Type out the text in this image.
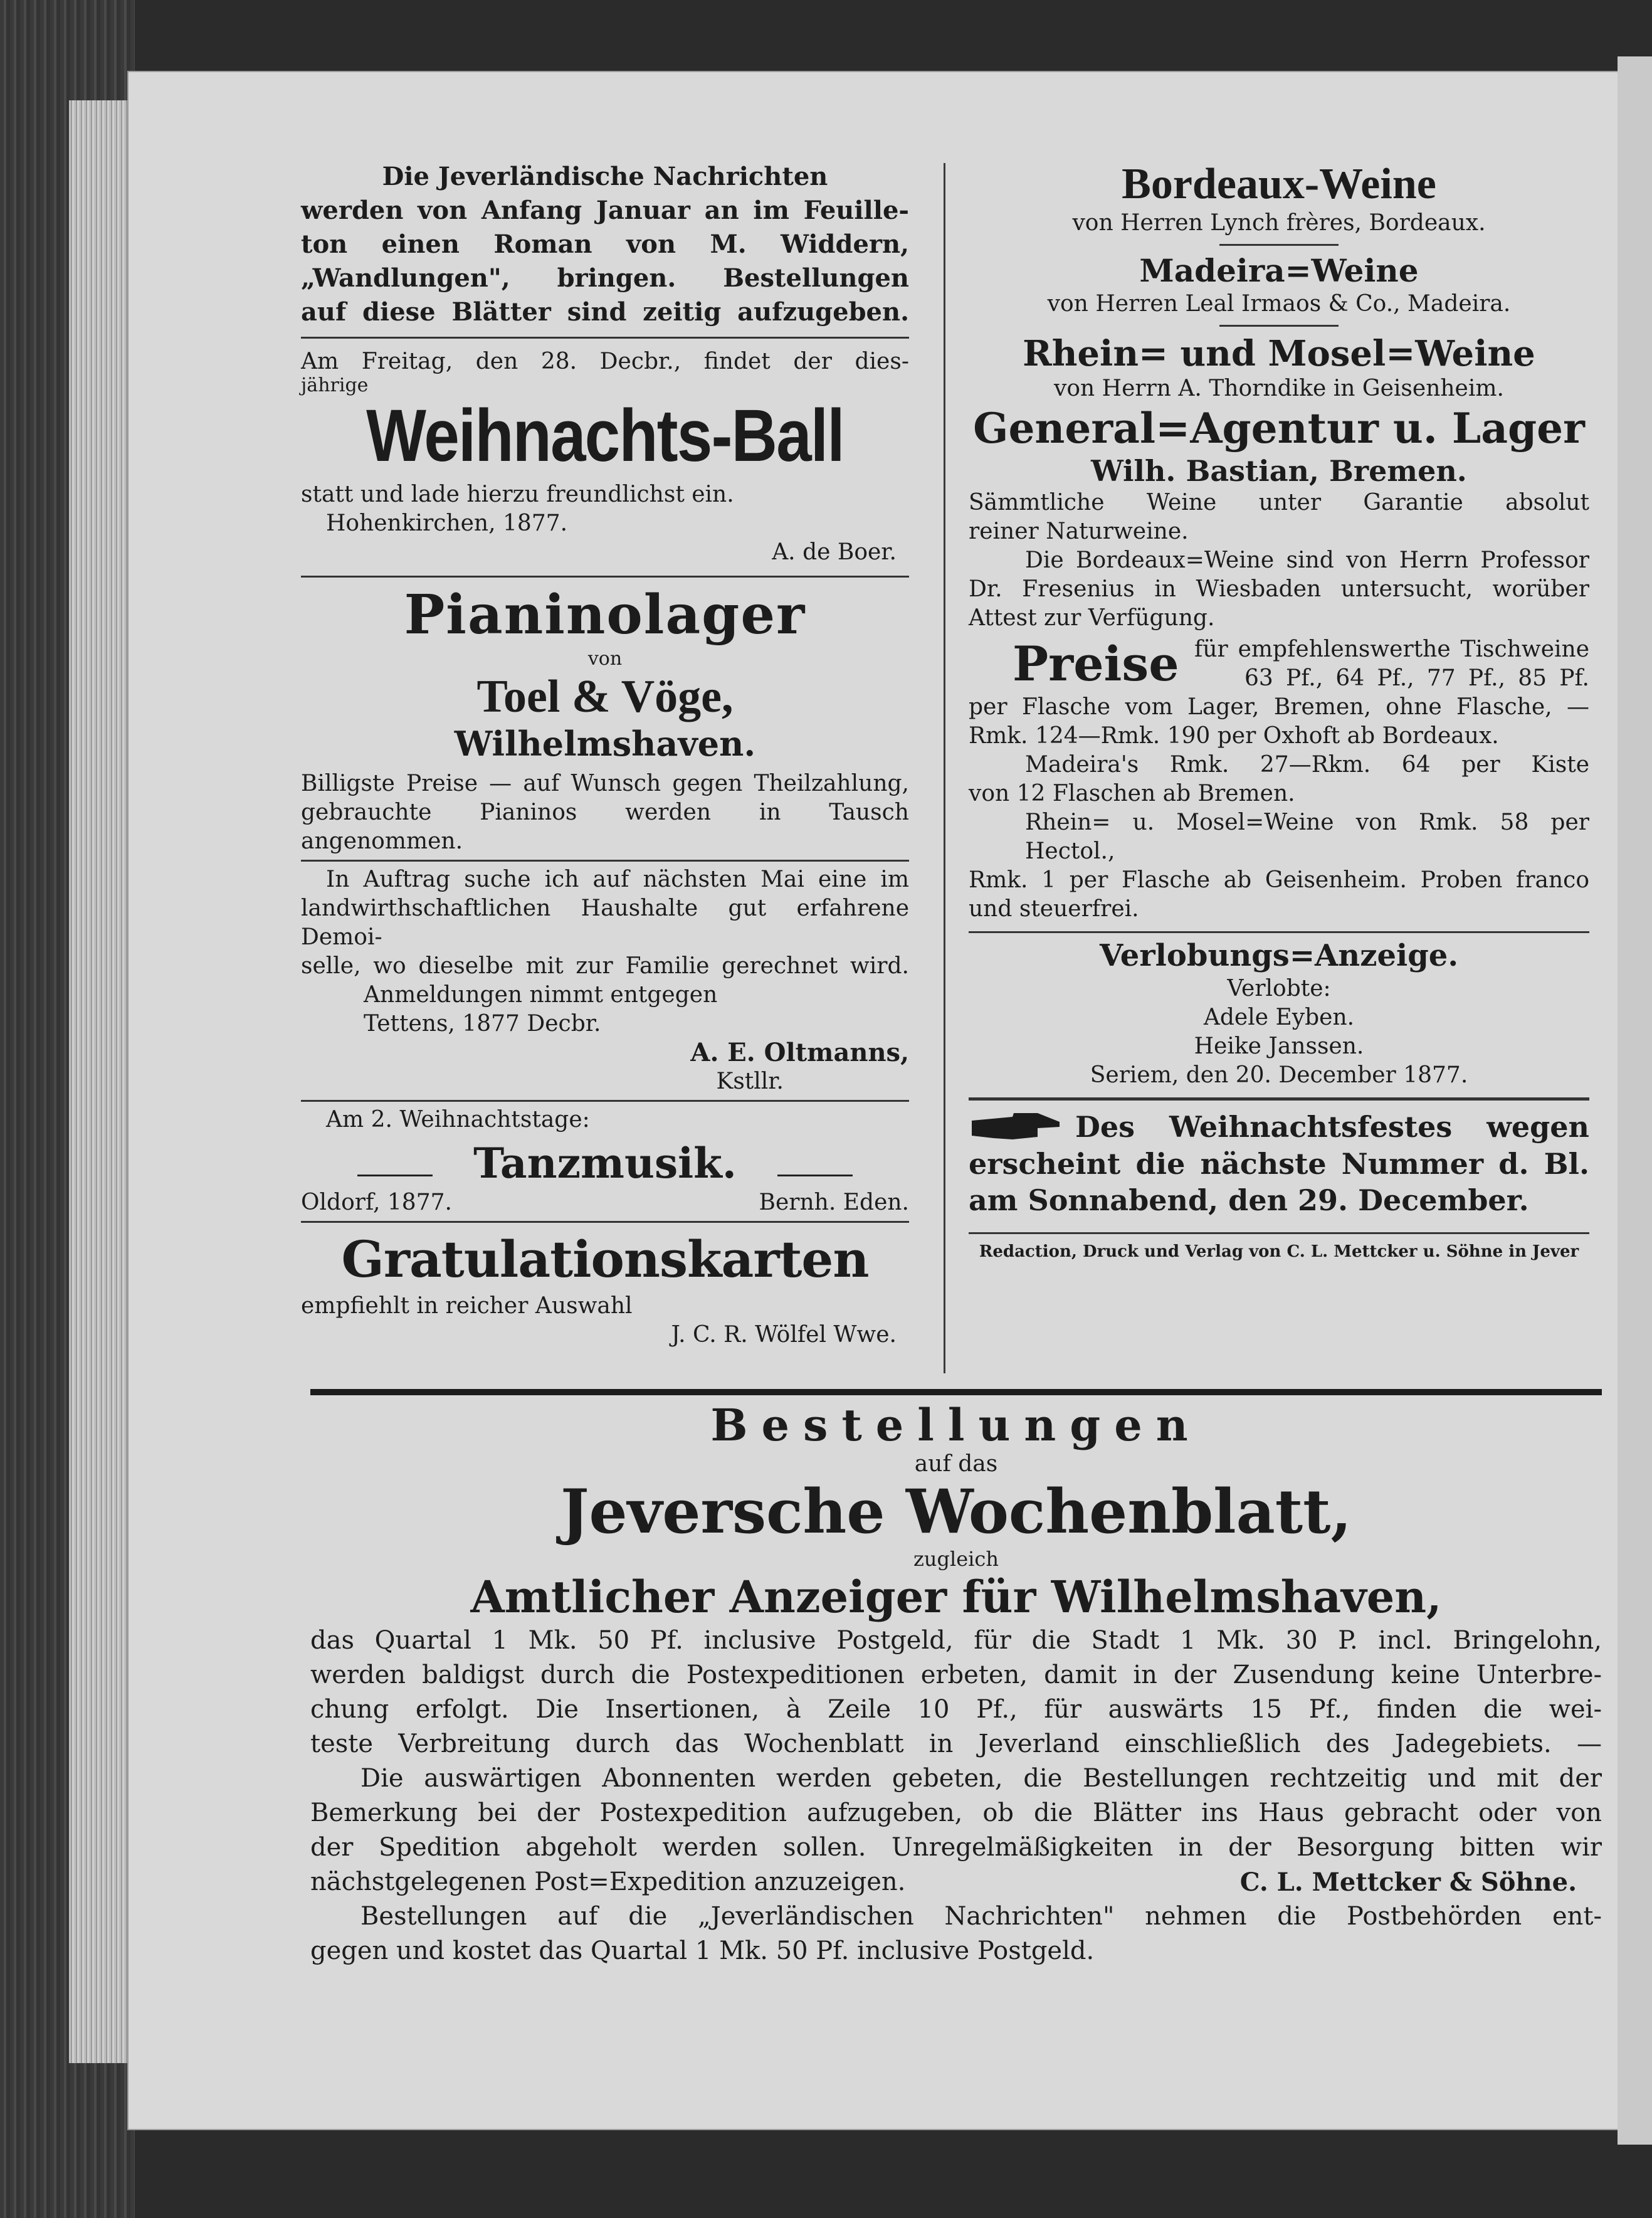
Die Jeverländische Nachrichten
werden von Anfang Januar an im Feuille-
ton einen Roman von M. Widdern,
„Wandlungen", bringen. Bestellungen
auf diese Blätter sind zeitig aufzugeben.
Am Freitag, den 28. Decbr., findet der dies-
jährige
Weihnachts-Ball
statt und lade hierzu freundlichst ein.
Hohenkirchen, 1877.
A. de Boer.
Pianinolager
von
Toel & Vöge,
Wilhelmshaven.
Billigste Preise — auf Wunsch gegen Theilzahlung,
gebrauchte Pianinos werden in Tausch angenommen.
In Auftrag suche ich auf nächsten Mai eine im
landwirthschaftlichen Haushalte gut erfahrene Demoi-
selle, wo dieselbe mit zur Familie gerechnet wird.
Anmeldungen nimmt entgegen
Tettens, 1877 Decbr.
A. E. Oltmanns,
Kstllr.
Am 2. Weihnachtstage:
Tanzmusik.
Oldorf, 1877.	Bernh. Eden.
Gratulationskarten
empfiehlt in reicher Auswahl
J. C. R. Wölfel Wwe.
Bordeaux-Weine
von Herren Lynch frères, Bordeaux.
Madeira=Weine
von Herren Leal Irmaos & Co., Madeira.
Rhein= und Mosel=Weine
von Herrn A. Thorndike in Geisenheim.
General=Agentur u. Lager
Wilh. Bastian, Bremen.
Sämmtliche Weine unter Garantie absolut
reiner Naturweine.
Die Bordeaux=Weine sind von Herrn Professor
Dr. Fresenius in Wiesbaden untersucht, worüber
Attest zur Verfügung.
Preise für empfehlenswerthe Tischweine
63 Pf., 64 Pf., 77 Pf., 85 Pf.
per Flasche vom Lager, Bremen, ohne Flasche, —
Rmk. 124—Rmk. 190 per Oxhoft ab Bordeaux.
Madeira's Rmk. 27—Rkm. 64 per Kiste
von 12 Flaschen ab Bremen.
Rhein= u. Mosel=Weine von Rmk. 58 per Hectol.,
Rmk. 1 per Flasche ab Geisenheim. Proben franco
und steuerfrei.
Verlobungs=Anzeige.
Verlobte:
Adele Eyben.
Heike Janssen.
Seriem, den 20. December 1877.
Des Weihnachtsfestes wegen
erscheint die nächste Nummer d. Bl.
am Sonnabend, den 29. December.
Redaction, Druck und Verlag von C. L. Mettcker u. Söhne in Jever
Bestellungen
auf das
Jeversche Wochenblatt,
zugleich
Amtlicher Anzeiger für Wilhelmshaven,
das Quartal 1 Mk. 50 Pf. inclusive Postgeld, für die Stadt 1 Mk. 30 P. incl. Bringelohn,
werden baldigst durch die Postexpeditionen erbeten, damit in der Zusendung keine Unterbre-
chung erfolgt. Die Insertionen, à Zeile 10 Pf., für auswärts 15 Pf., finden die wei-
teste Verbreitung durch das Wochenblatt in Jeverland einschließlich des Jadegebiets. —
Die auswärtigen Abonnenten werden gebeten, die Bestellungen rechtzeitig und mit der
Bemerkung bei der Postexpedition aufzugeben, ob die Blätter ins Haus gebracht oder von
der Spedition abgeholt werden sollen. Unregelmäßigkeiten in der Besorgung bitten wir
nächstgelegenen Post=Expedition anzuzeigen.	C. L. Mettcker & Söhne.
Bestellungen auf die „Jeverländischen Nachrichten" nehmen die Postbehörden ent-
gegen und kostet das Quartal 1 Mk. 50 Pf. inclusive Postgeld.
